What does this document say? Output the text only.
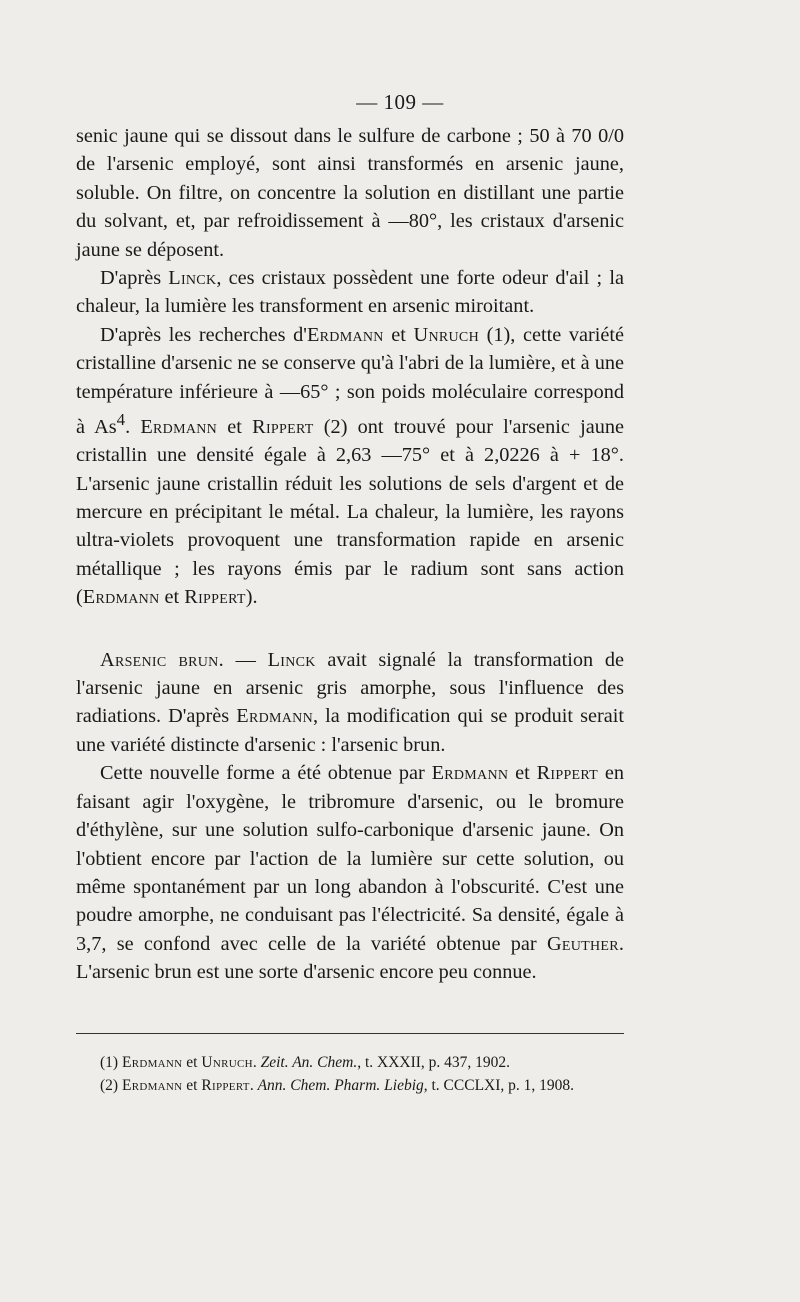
— 109 —

senic jaune qui se dissout dans le sulfure de carbone ; 50 à 70 0/0 de l'arsenic employé, sont ainsi transformés en arsenic jaune, soluble. On filtre, on concentre la solution en distillant une partie du solvant, et, par refroidissement à —80°, les cristaux d'arsenic jaune se déposent.

D'après Linck, ces cristaux possèdent une forte odeur d'ail ; la chaleur, la lumière les transforment en arsenic miroitant.

D'après les recherches d'Erdmann et Unruch (1), cette variété cristalline d'arsenic ne se conserve qu'à l'abri de la lumière, et à une température inférieure à —65° ; son poids moléculaire correspond à As$^4$. Erdmann et Rippert (2) ont trouvé pour l'arsenic jaune cristallin une densité égale à 2,63 —75° et à 2,0226 à + 18°. L'arsenic jaune cristallin réduit les solutions de sels d'argent et de mercure en précipitant le métal. La chaleur, la lumière, les rayons ultra-violets provoquent une transformation rapide en arsenic métallique ; les rayons émis par le radium sont sans action (Erdmann et Rippert).

Arsenic brun. — Linck avait signalé la transformation de l'arsenic jaune en arsenic gris amorphe, sous l'influence des radiations. D'après Erdmann, la modification qui se produit serait une variété distincte d'arsenic : l'arsenic brun.

Cette nouvelle forme a été obtenue par Erdmann et Rippert en faisant agir l'oxygène, le tribromure d'arsenic, ou le bromure d'éthylène, sur une solution sulfo-carbonique d'arsenic jaune. On l'obtient encore par l'action de la lumière sur cette solution, ou même spontanément par un long abandon à l'obscurité. C'est une poudre amorphe, ne conduisant pas l'électricité. Sa densité, égale à 3,7, se confond avec celle de la variété obtenue par Geuther. L'arsenic brun est une sorte d'arsenic encore peu connue.

(1) Erdmann et Unruch. Zeit. An. Chem., t. XXXII, p. 437, 1902.

(2) Erdmann et Rippert. Ann. Chem. Pharm. Liebig, t. CCCLXI, p. 1, 1908.
